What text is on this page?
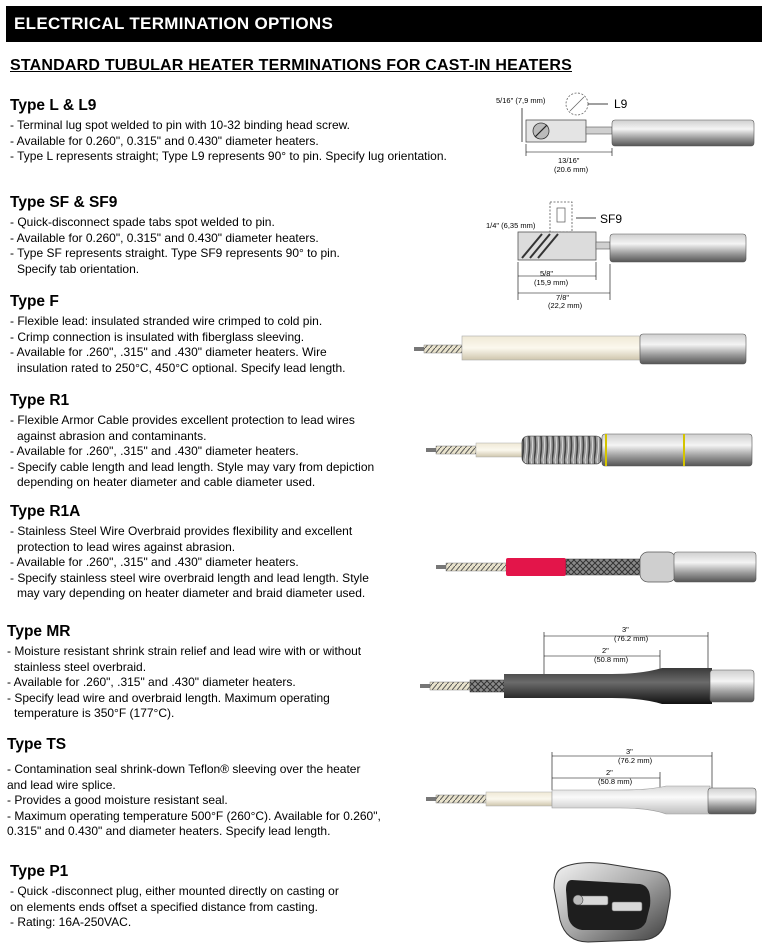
ELECTRICAL TERMINATION OPTIONS
STANDARD TUBULAR HEATER TERMINATIONS FOR CAST-IN HEATERS
Type L & L9
- Terminal lug spot welded to pin with 10-32 binding head screw.
- Available for 0.260", 0.315" and 0.430" diameter heaters.
- Type L represents straight; Type L9 represents 90° to pin. Specify lug orientation.
Type SF & SF9
- Quick-disconnect spade tabs spot welded to pin.
- Available for 0.260", 0.315" and 0.430" diameter heaters.
- Type SF represents straight. Type SF9 represents 90° to pin.
Specify tab orientation.
Type F
- Flexible lead: insulated stranded wire crimped to cold pin.
- Crimp connection is insulated with fiberglass sleeving.
- Available for .260", .315" and .430" diameter heaters. Wire
insulation rated to 250°C, 450°C optional. Specify lead length.
Type R1
- Flexible Armor Cable provides excellent protection to lead wires
against abrasion and contaminants.
- Available for .260", .315" and .430" diameter heaters.
- Specify cable length and lead length. Style may vary from depiction
depending on heater diameter and cable diameter used.
Type R1A
- Stainless Steel Wire Overbraid provides flexibility and excellent
protection to lead wires against abrasion.
- Available for .260", .315" and .430" diameter heaters.
- Specify stainless steel wire overbraid length and lead length. Style
may vary depending on heater diameter and braid diameter used.
Type MR
- Moisture resistant shrink strain relief and lead wire with or without
stainless steel overbraid.
- Available for .260", .315" and .430" diameter heaters.
- Specify lead wire and overbraid length. Maximum operating
temperature is 350°F (177°C).
Type TS
- Contamination seal shrink-down Teflon® sleeving over the heater
and lead wire splice.
- Provides a good moisture resistant seal.
- Maximum operating temperature 500°F (260°C). Available for 0.260",
0.315" and 0.430" and diameter heaters. Specify lead length.
Type P1
- Quick -disconnect plug, either mounted directly on casting or
on elements ends offset a specified distance from casting.
- Rating: 16A-250VAC.
5/16" (7,9 mm)	L9
13/16"
(20.6 mm)
1/4" (6,35 mm)	SF9
5/8"
(15,9 mm)
7/8"
(22,2 mm)
3"
(76.2 mm)
2"
(50.8 mm)
3"
(76.2 mm)
2"
(50.8 mm)
